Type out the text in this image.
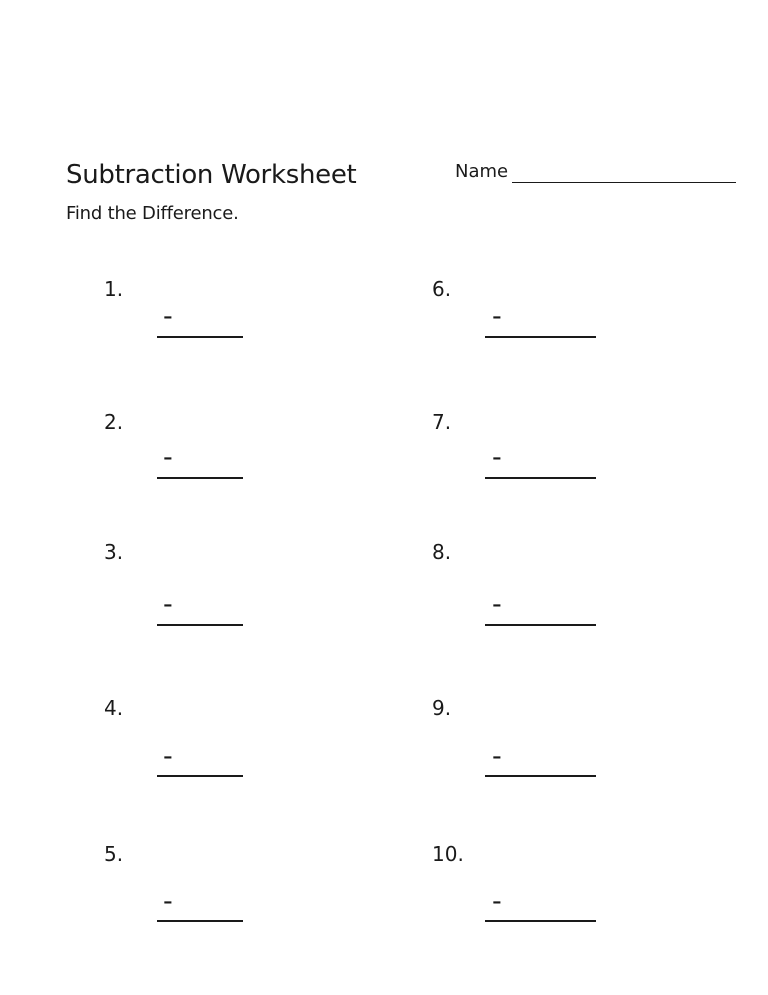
Subtraction Worksheet
Find the Difference.
Name
1.
-
2.
-
3.
-
4.
-
5.
-
6.
-
7.
-
8.
-
9.
-
10.
-
